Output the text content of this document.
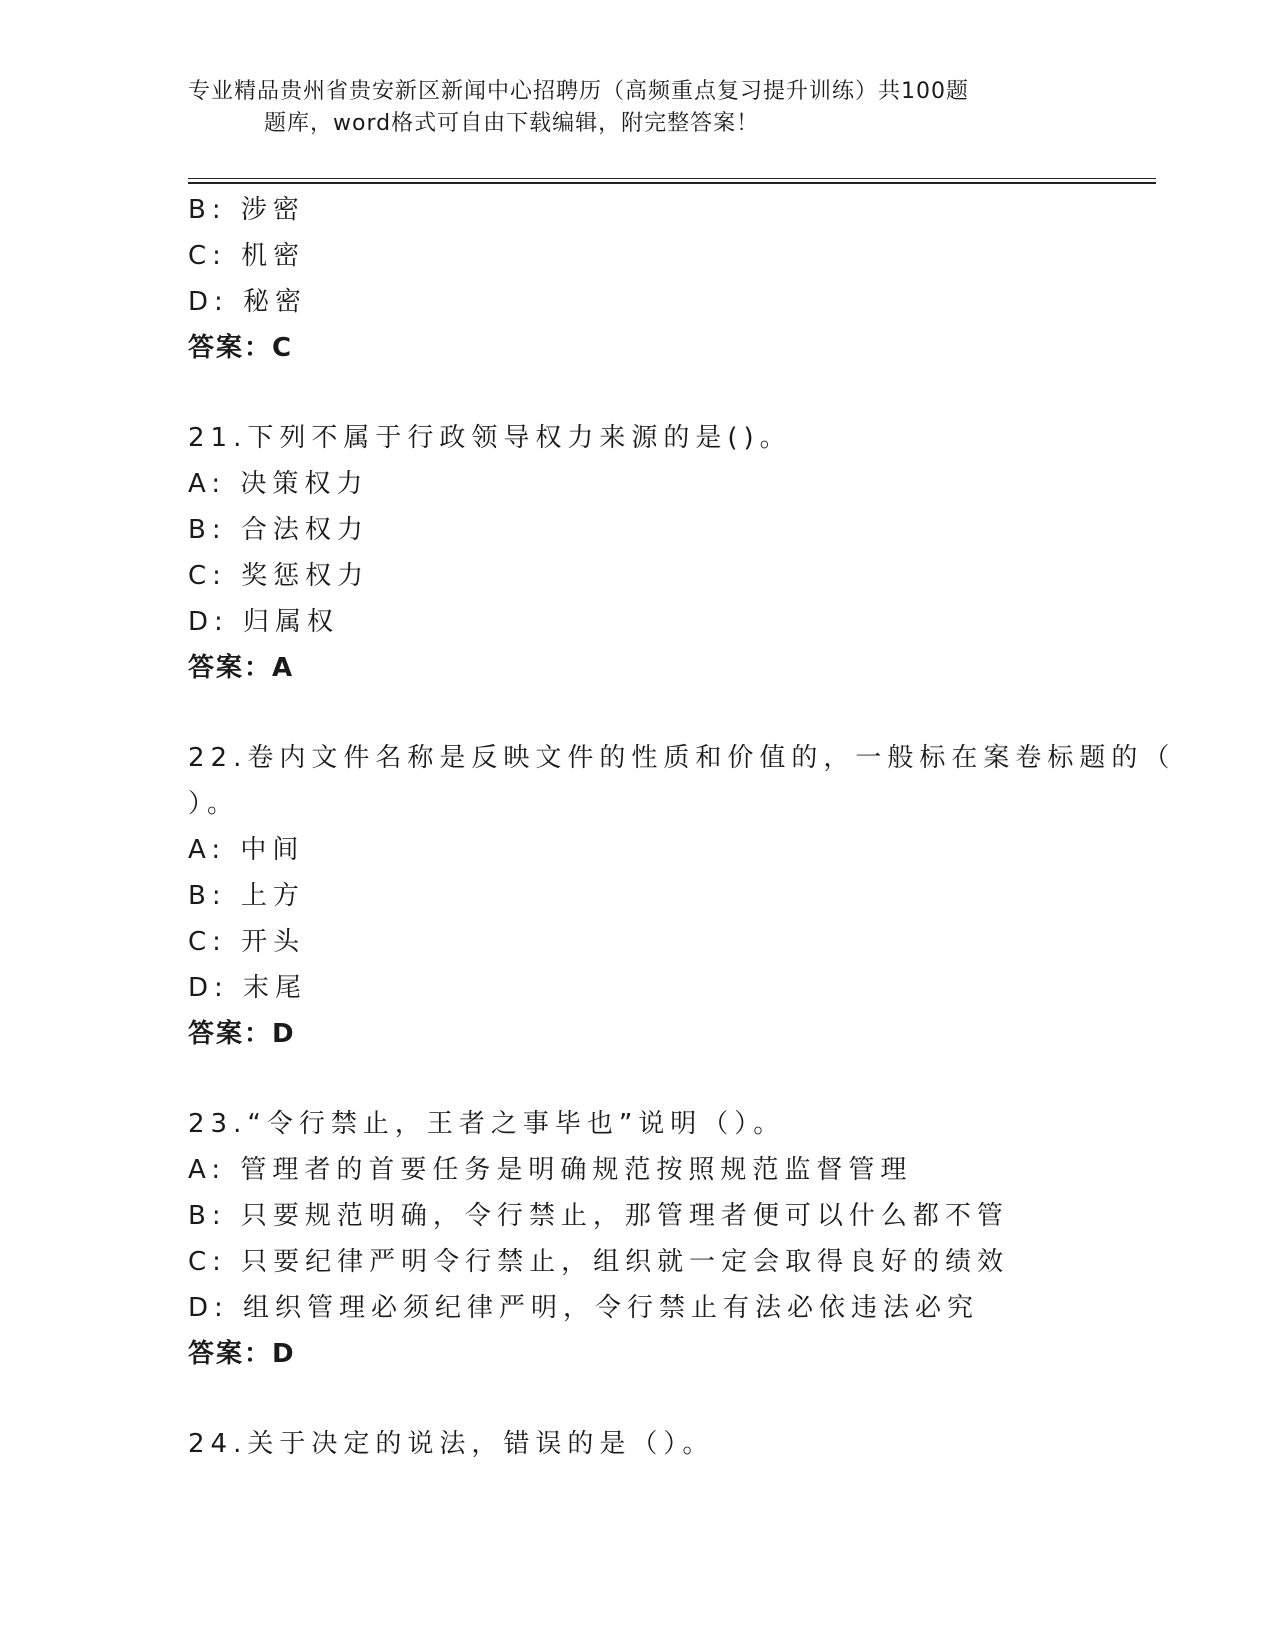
专业精品贵州省贵安新区新闻中心招聘历（高频重点复习提升训练）共100题
题库，word格式可自由下载编辑，附完整答案！
B: 涉密
C: 机密
D: 秘密
答案：C
21.下列不属于行政领导权力来源的是()。
A: 决策权力
B: 合法权力
C: 奖惩权力
D: 归属权
答案：A
22.卷内文件名称是反映文件的性质和价值的，一般标在案卷标题的（
）。
A: 中间
B: 上方
C: 开头
D: 末尾
答案：D
23.“令行禁止，王者之事毕也”说明（）。
A: 管理者的首要任务是明确规范按照规范监督管理
B: 只要规范明确，令行禁止，那管理者便可以什么都不管
C: 只要纪律严明令行禁止，组织就一定会取得良好的绩效
D: 组织管理必须纪律严明，令行禁止有法必依违法必究
答案：D
24.关于决定的说法，错误的是（）。
